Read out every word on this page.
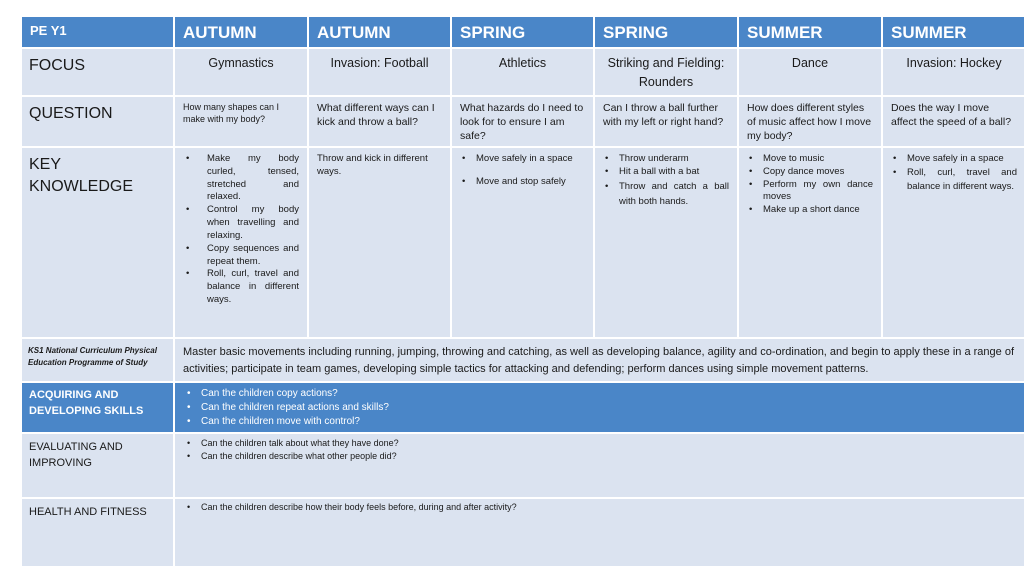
PE Y1	AUTUMN	AUTUMN	SPRING	SPRING	SUMMER	SUMMER
FOCUS	Gymnastics	Invasion: Football	Athletics	Striking and Fielding: Rounders
Dance	Invasion: Hockey
QUESTION	How many shapes can I make with my body?
What different ways can I kick and throw a ball?
What hazards do I need to look for to ensure I am safe?
Can I throw a ball further with my left or right hand?
How does different styles of music affect how I move my body?
Does the way I move affect the speed of a ball?
KEY KNOWLEDGE
• Make my body curled, tensed, stretched and relaxed.
• Control my body when travelling and relaxing.
• Copy sequences and repeat them.
• Roll, curl, travel and balance in different ways.
Throw and kick in different ways.
• Move safely in a space
• Move and stop safely
• Throw underarm
• Hit a ball with a bat
• Throw and catch a ball with both hands.
• Move to music
• Copy dance moves
• Perform my own dance moves
• Make up a short dance
• Move safely in a space
• Roll, curl, travel and balance in different ways.
KS1 National Curriculum Physical Education Programme of Study
Master basic movements including running, jumping, throwing and catching, as well as developing balance, agility and co-ordination, and begin to apply these in a range of activities; participate in team games, developing simple tactics for attacking and defending; perform dances using simple movement patterns.
ACQUIRING AND DEVELOPING SKILLS
• Can the children copy actions?
• Can the children repeat actions and skills?
• Can the children move with control?
EVALUATING AND IMPROVING
• Can the children talk about what they have done?
• Can the children describe what other people did?
HEALTH AND FITNESS
•	Can the children describe how their body feels before, during and after activity?
